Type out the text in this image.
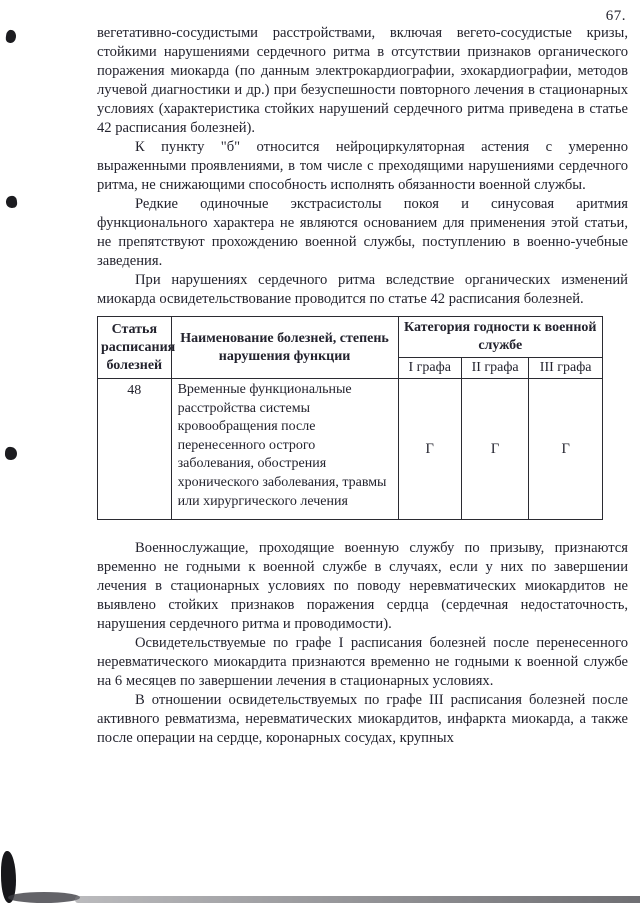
67.

вегетативно-сосудистыми расстройствами, включая вегето-сосудистые кризы, стойкими нарушениями сердечного ритма в отсутствии признаков органического поражения миокарда (по данным электрокардиографии, эхокардиографии, методов лучевой диагностики и др.) при безуспешности повторного лечения в стационарных условиях (характеристика стойких нарушений сердечного ритма приведена в статье 42 расписания болезней).

К пункту "б" относится нейроциркуляторная астения с умеренно выраженными проявлениями, в том числе с преходящими нарушениями сердечного ритма, не снижающими способность исполнять обязанности военной службы.

Редкие одиночные экстрасистолы покоя и синусовая аритмия функционального характера не являются основанием для применения этой статьи, не препятствуют прохождению военной службы, поступлению в военно-учебные заведения.

При нарушениях сердечного ритма вследствие органических изменений миокарда освидетельствование проводится по статье 42 расписания болезней.

Статья расписания болезней	Наименование болезней, степень нарушения функции	Категория годности к военной службе		
		I графа	II графа	III графа
48	Временные функциональные расстройства системы кровообращения после перенесенного острого заболевания, обострения хронического заболевания, травмы или хирургического лечения	Г	Г	Г

Военнослужащие, проходящие военную службу по призыву, признаются временно не годными к военной службе в случаях, если у них по завершении лечения в стационарных условиях по поводу неревматических миокардитов не выявлено стойких признаков поражения сердца (сердечная недостаточность, нарушения сердечного ритма и проводимости).

Освидетельствуемые по графе I расписания болезней после перенесенного неревматического миокардита признаются временно не годными к военной службе на 6 месяцев по завершении лечения в стационарных условиях.

В отношении освидетельствуемых по графе III расписания болезней после активного ревматизма, неревматических миокардитов, инфаркта миокарда, а также после операции на сердце, коронарных сосудах, крупных
